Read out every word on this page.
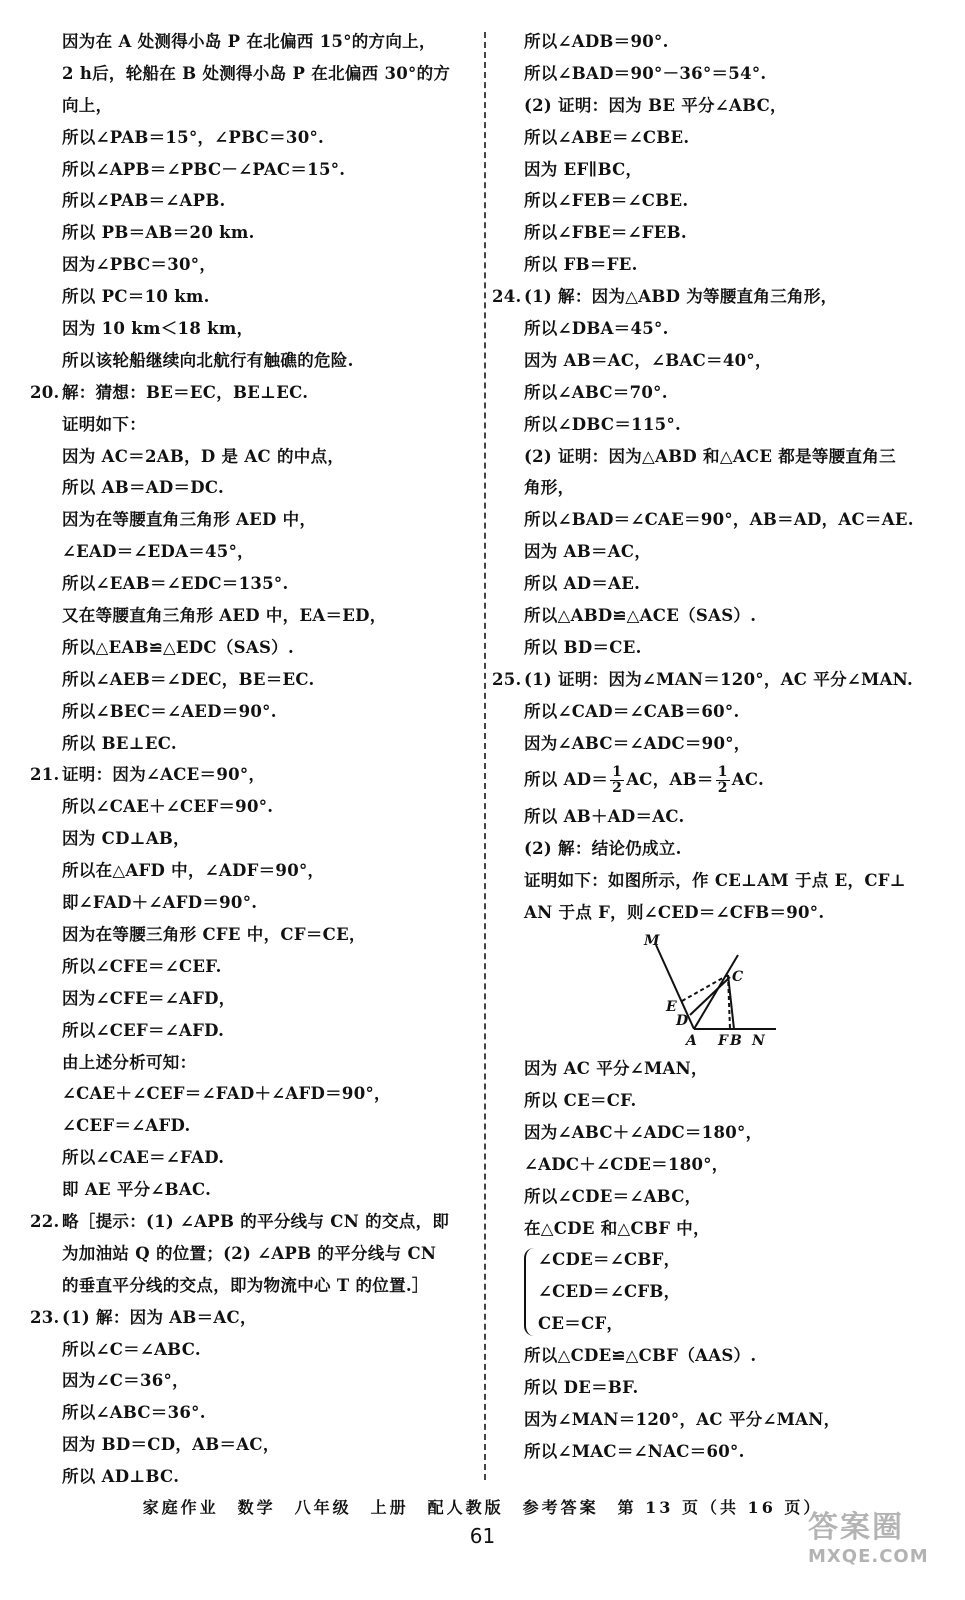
因为在 A 处测得小岛 P 在北偏西 15°的方向上，
2 h后，轮船在 B 处测得小岛 P 在北偏西 30°的方
向上，
所以∠PAB＝15°，∠PBC＝30°.
所以∠APB＝∠PBC－∠PAC＝15°.
所以∠PAB＝∠APB.
所以 PB＝AB＝20 km.
因为∠PBC＝30°，
所以 PC＝10 km.
因为 10 km＜18 km，
所以该轮船继续向北航行有触礁的危险.
20. 解：猜想：BE＝EC，BE⊥EC.
证明如下：
因为 AC＝2AB，D 是 AC 的中点，
所以 AB＝AD＝DC.
因为在等腰直角三角形 AED 中，
∠EAD＝∠EDA＝45°，
所以∠EAB＝∠EDC＝135°.
又在等腰直角三角形 AED 中，EA＝ED，
所以△EAB≌△EDC（SAS）.
所以∠AEB＝∠DEC，BE＝EC.
所以∠BEC＝∠AED＝90°.
所以 BE⊥EC.
21. 证明：因为∠ACE＝90°，
所以∠CAE＋∠CEF＝90°.
因为 CD⊥AB，
所以在△AFD 中，∠ADF＝90°，
即∠FAD＋∠AFD＝90°.
因为在等腰三角形 CFE 中，CF＝CE，
所以∠CFE＝∠CEF.
因为∠CFE＝∠AFD，
所以∠CEF＝∠AFD.
由上述分析可知：
∠CAE＋∠CEF＝∠FAD＋∠AFD＝90°，
∠CEF＝∠AFD.
所以∠CAE＝∠FAD.
即 AE 平分∠BAC.
22. 略［提示：(1) ∠APB 的平分线与 CN 的交点，即
为加油站 Q 的位置；(2) ∠APB 的平分线与 CN
的垂直平分线的交点，即为物流中心 T 的位置.］
23. (1) 解：因为 AB＝AC，
所以∠C＝∠ABC.
因为∠C＝36°，
所以∠ABC＝36°.
因为 BD＝CD，AB＝AC，
所以 AD⊥BC.
所以∠ADB＝90°.
所以∠BAD＝90°－36°＝54°.
(2) 证明：因为 BE 平分∠ABC，
所以∠ABE＝∠CBE.
因为 EF∥BC，
所以∠FEB＝∠CBE.
所以∠FBE＝∠FEB.
所以 FB＝FE.
24. (1) 解：因为△ABD 为等腰直角三角形，
所以∠DBA＝45°.
因为 AB＝AC，∠BAC＝40°，
所以∠ABC＝70°.
所以∠DBC＝115°.
(2) 证明：因为△ABD 和△ACE 都是等腰直角三
角形，
所以∠BAD＝∠CAE＝90°，AB＝AD，AC＝AE.
因为 AB＝AC，
所以 AD＝AE.
所以△ABD≌△ACE（SAS）.
所以 BD＝CE.
25. (1) 证明：因为∠MAN＝120°，AC 平分∠MAN.
所以∠CAD＝∠CAB＝60°.
因为∠ABC＝∠ADC＝90°，
所以 $AD= \frac{1}{2}$ AC，$AB= \frac{1}{2}$ AC.
所以 AB＋AD＝AC.
(2) 解：结论仍成立.
证明如下：如图所示，作 CE⊥AM 于点 E，CF⊥
AN 于点 F，则∠CED＝∠CFB＝90°.
M
C
E
D
A F B N
因为 AC 平分∠MAN，
所以 CE＝CF.
因为∠ABC＋∠ADC＝180°，
∠ADC＋∠CDE＝180°，
所以∠CDE＝∠ABC，
在△CDE 和△CBF 中，
∠CDE＝∠CBF，
∠CED＝∠CFB，
CE＝CF，
所以△CDE≌△CBF（AAS）.
所以 DE＝BF.
因为∠MAN＝120°，AC 平分∠MAN，
所以∠MAC＝∠NAC＝60°.
家庭作业　数学　八年级　上册　配人教版　参考答案　第 13 页（共 16 页）
61	答案圈
MXQE.COM
